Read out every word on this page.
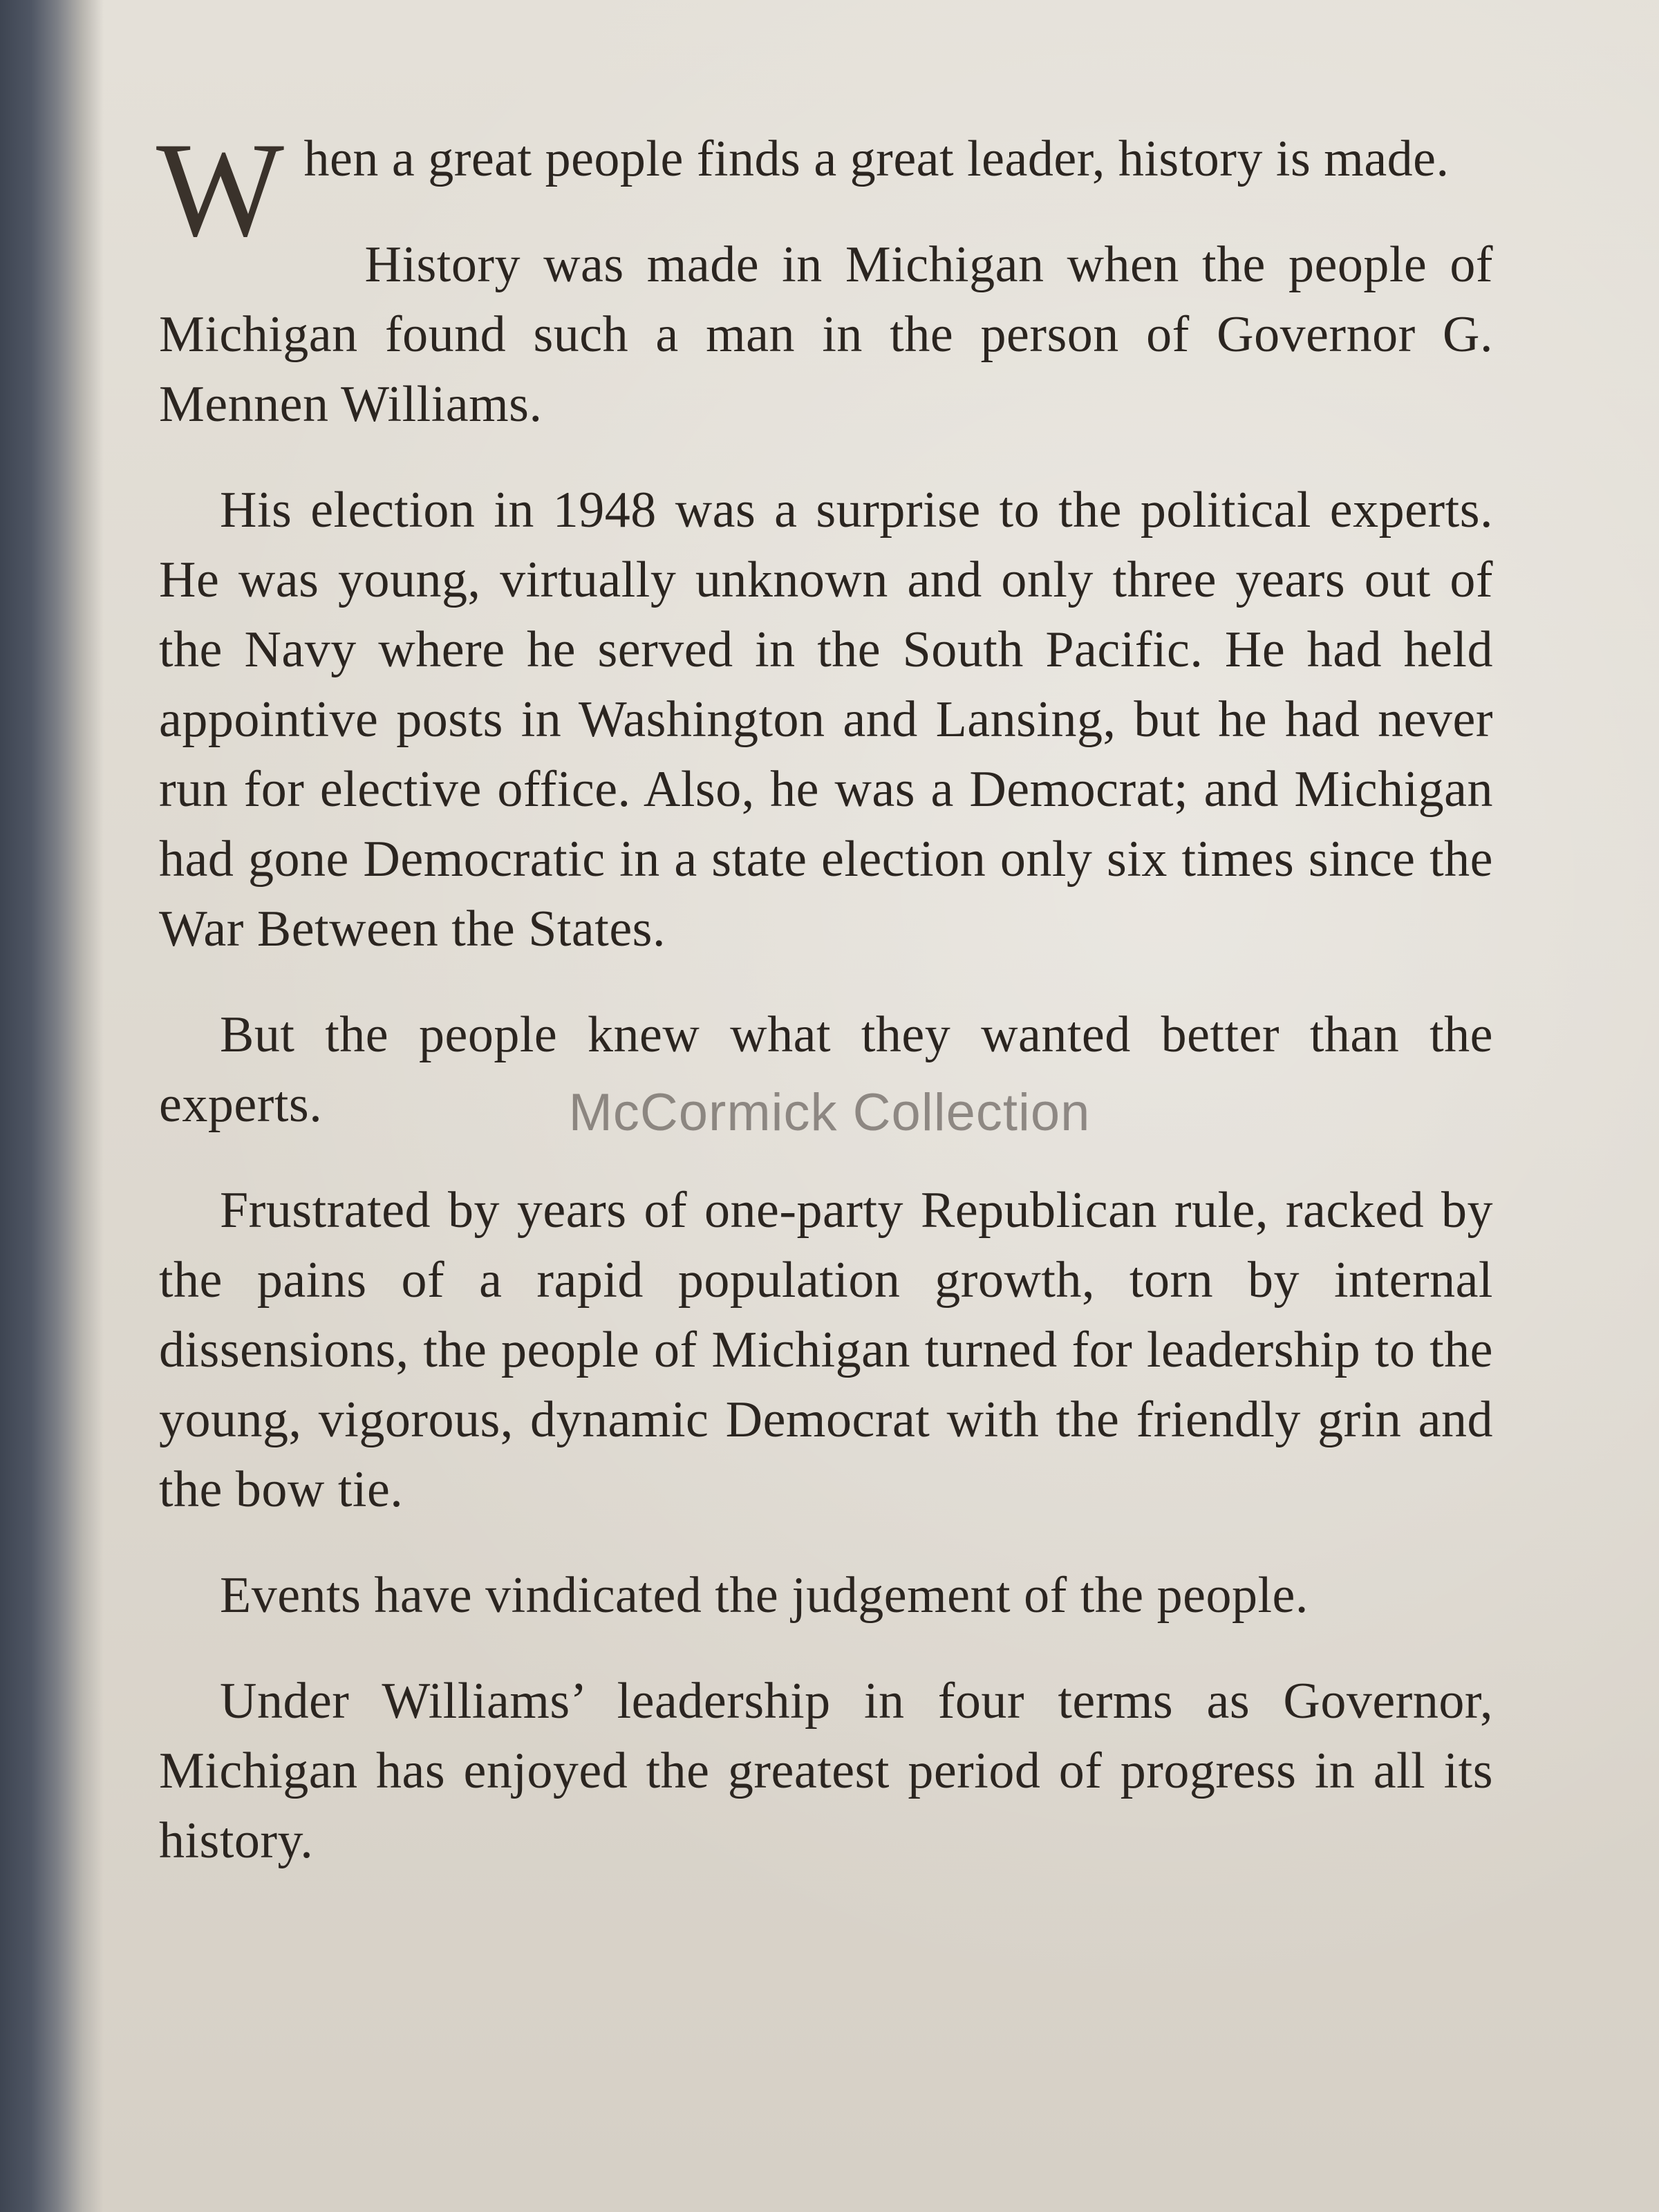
When a great people finds a great leader, history is made.

History was made in Michigan when the people of Michigan found such a man in the person of Governor G. Mennen Williams.

His election in 1948 was a surprise to the political experts. He was young, virtually unknown and only three years out of the Navy where he served in the South Pacific. He had held appointive posts in Washington and Lansing, but he had never run for elective office. Also, he was a Democrat; and Michigan had gone Democratic in a state election only six times since the War Between the States.

But the people knew what they wanted better than the experts.

Frustrated by years of one-party Republican rule, racked by the pains of a rapid population growth, torn by internal dissensions, the people of Michigan turned for leadership to the young, vigorous, dynamic Democrat with the friendly grin and the bow tie.

Events have vindicated the judgement of the people.

Under Williams’ leadership in four terms as Governor, Michigan has enjoyed the greatest period of progress in all its history.

McCormick Collection
